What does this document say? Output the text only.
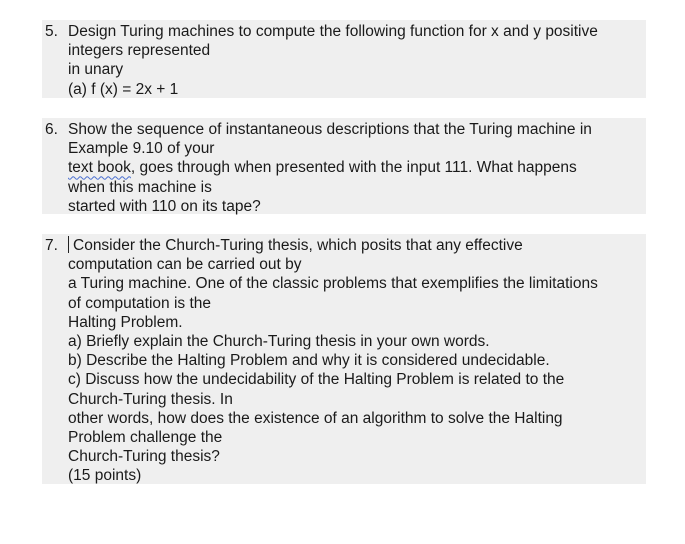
5. Design Turing machines to compute the following function for x and y positive
integers represented
in unary
(a) f (x) = 2x + 1
6. Show the sequence of instantaneous descriptions that the Turing machine in
Example 9.10 of your
text book, goes through when presented with the input 111. What happens
when this machine is
started with 110 on its tape?
7. Consider the Church-Turing thesis, which posits that any effective
computation can be carried out by
a Turing machine. One of the classic problems that exemplifies the limitations
of computation is the
Halting Problem.
a) Briefly explain the Church-Turing thesis in your own words.
b) Describe the Halting Problem and why it is considered undecidable.
c) Discuss how the undecidability of the Halting Problem is related to the
Church-Turing thesis. In
other words, how does the existence of an algorithm to solve the Halting
Problem challenge the
Church-Turing thesis?
(15 points)
